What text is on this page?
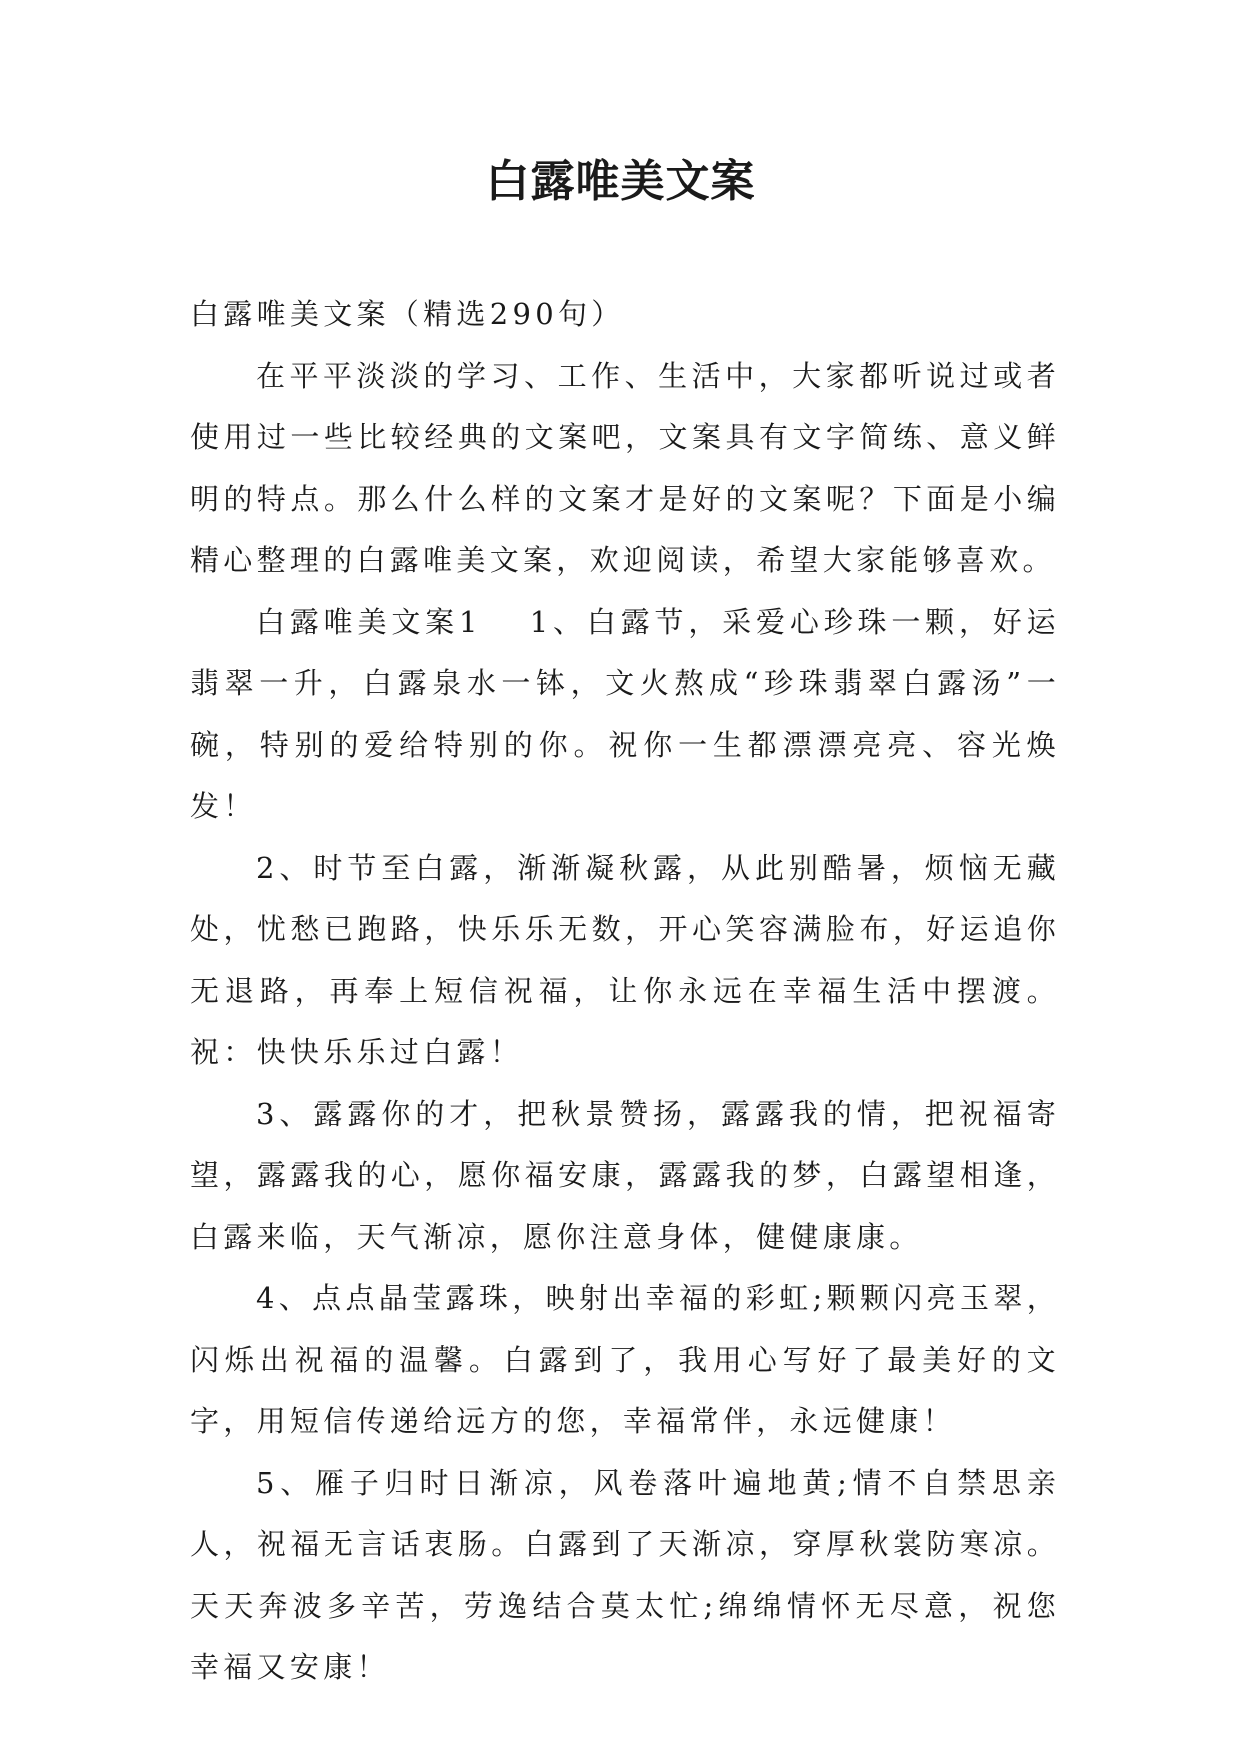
白露唯美文案

白露唯美文案（精选290句）

在平平淡淡的学习、工作、生活中，大家都听说过或者使用过一些比较经典的文案吧，文案具有文字简练、意义鲜明的特点。那么什么样的文案才是好的文案呢？下面是小编精心整理的白露唯美文案，欢迎阅读，希望大家能够喜欢。

白露唯美文案1 1、白露节，采爱心珍珠一颗，好运翡翠一升，白露泉水一钵，文火熬成“珍珠翡翠白露汤”一碗，特别的爱给特别的你。祝你一生都漂漂亮亮、容光焕发！

2、时节至白露，渐渐凝秋露，从此别酷暑，烦恼无藏处，忧愁已跑路，快乐乐无数，开心笑容满脸布，好运追你无退路，再奉上短信祝福，让你永远在幸福生活中摆渡。祝：快快乐乐过白露！

3、露露你的才，把秋景赞扬，露露我的情，把祝福寄望，露露我的心，愿你福安康，露露我的梦，白露望相逢，白露来临，天气渐凉，愿你注意身体，健健康康。

4、点点晶莹露珠，映射出幸福的彩虹;颗颗闪亮玉翠，闪烁出祝福的温馨。白露到了，我用心写好了最美好的文字，用短信传递给远方的您，幸福常伴，永远健康！

5、雁子归时日渐凉，风卷落叶遍地黄;情不自禁思亲人，祝福无言话衷肠。白露到了天渐凉，穿厚秋裳防寒凉。天天奔波多辛苦，劳逸结合莫太忙;绵绵情怀无尽意，祝您幸福又安康！
